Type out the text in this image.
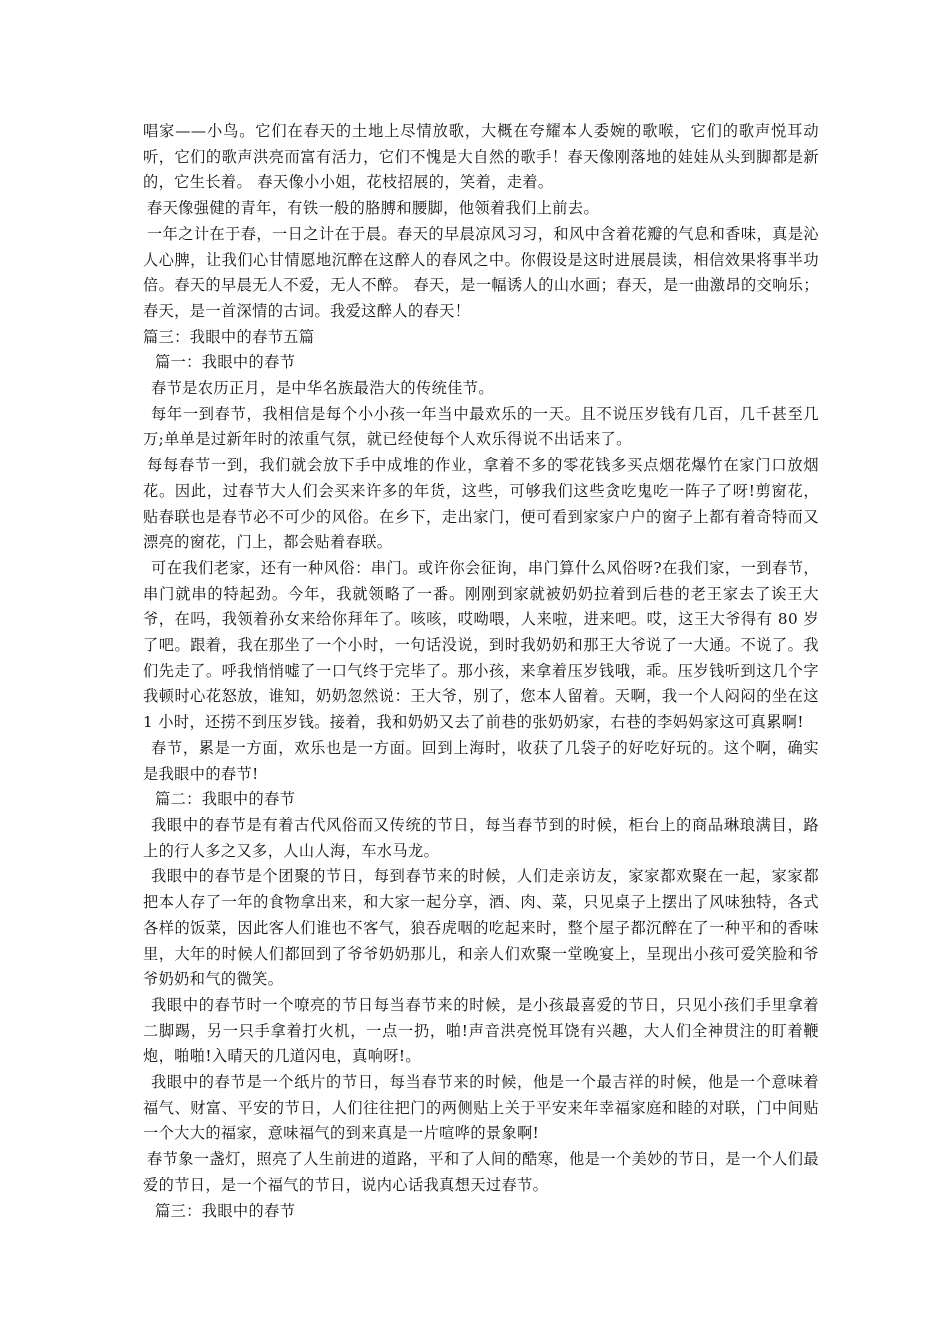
唱家——小鸟。它们在春天的土地上尽情放歌，大概在夸耀本人委婉的歌喉，它们的歌声悦耳动听，它们的歌声洪亮而富有活力，它们不愧是大自然的歌手！春天像刚落地的娃娃从头到脚都是新的，它生长着。 春天像小小姐，花枝招展的，笑着，走着。

春天像强健的青年，有铁一般的胳膊和腰脚，他领着我们上前去。

一年之计在于春，一日之计在于晨。春天的早晨凉风习习，和风中含着花瓣的气息和香味，真是沁人心脾，让我们心甘情愿地沉醉在这醉人的春风之中。你假设是这时进展晨读，相信效果将事半功倍。春天的早晨无人不爱，无人不醉。 春天，是一幅诱人的山水画；春天，是一曲激昂的交响乐；春天，是一首深情的古词。我爱这醉人的春天！

篇三：我眼中的春节五篇

篇一：我眼中的春节

春节是农历正月，是中华名族最浩大的传统佳节。

每年一到春节，我相信是每个小小孩一年当中最欢乐的一天。且不说压岁钱有几百，几千甚至几万;单单是过新年时的浓重气氛，就已经使每个人欢乐得说不出话来了。

每每春节一到，我们就会放下手中成堆的作业，拿着不多的零花钱多买点烟花爆竹在家门口放烟花。因此，过春节大人们会买来许多的年货，这些，可够我们这些贪吃鬼吃一阵子了呀!剪窗花，贴春联也是春节必不可少的风俗。在乡下，走出家门，便可看到家家户户的窗子上都有着奇特而又漂亮的窗花，门上，都会贴着春联。

可在我们老家，还有一种风俗：串门。或许你会征询，串门算什么风俗呀?在我们家，一到春节，串门就串的特起劲。今年，我就领略了一番。刚刚到家就被奶奶拉着到后巷的老王家去了诶王大爷，在吗，我领着孙女来给你拜年了。咳咳，哎呦喂，人来啦，进来吧。哎，这王大爷得有 80 岁了吧。跟着，我在那坐了一个小时，一句话没说，到时我奶奶和那王大爷说了一大通。不说了。我们先走了。呼我悄悄嘘了一口气终于完毕了。那小孩，来拿着压岁钱哦，乖。压岁钱听到这几个字我顿时心花怒放，谁知，奶奶忽然说：王大爷，别了，您本人留着。天啊，我一个人闷闷的坐在这 1 小时，还捞不到压岁钱。接着，我和奶奶又去了前巷的张奶奶家，右巷的李妈妈家这可真累啊!

春节，累是一方面，欢乐也是一方面。回到上海时，收获了几袋子的好吃好玩的。这个啊，确实是我眼中的春节!

篇二：我眼中的春节

我眼中的春节是有着古代风俗而又传统的节日，每当春节到的时候，柜台上的商品琳琅满目，路上的行人多之又多，人山人海，车水马龙。

我眼中的春节是个团聚的节日，每到春节来的时候，人们走亲访友，家家都欢聚在一起，家家都把本人存了一年的食物拿出来，和大家一起分享，酒、肉、菜，只见桌子上摆出了风味独特，各式各样的饭菜，因此客人们谁也不客气，狼吞虎咽的吃起来时，整个屋子都沉醉在了一种平和的香味里，大年的时候人们都回到了爷爷奶奶那儿，和亲人们欢聚一堂晚宴上，呈现出小孩可爱笑脸和爷爷奶奶和气的微笑。

我眼中的春节时一个嘹亮的节日每当春节来的时候，是小孩最喜爱的节日，只见小孩们手里拿着二脚踢，另一只手拿着打火机，一点一扔，啪!声音洪亮悦耳饶有兴趣，大人们全神贯注的盯着鞭炮，啪啪!入晴天的几道闪电，真响呀!。

我眼中的春节是一个纸片的节日，每当春节来的时候，他是一个最吉祥的时候，他是一个意味着福气、财富、平安的节日，人们往往把门的两侧贴上关于平安来年幸福家庭和睦的对联，门中间贴一个大大的福家，意味福气的到来真是一片喧哗的景象啊!

春节象一盏灯，照亮了人生前进的道路，平和了人间的酷寒，他是一个美妙的节日，是一个人们最爱的节日，是一个福气的节日，说内心话我真想天过春节。

篇三：我眼中的春节
